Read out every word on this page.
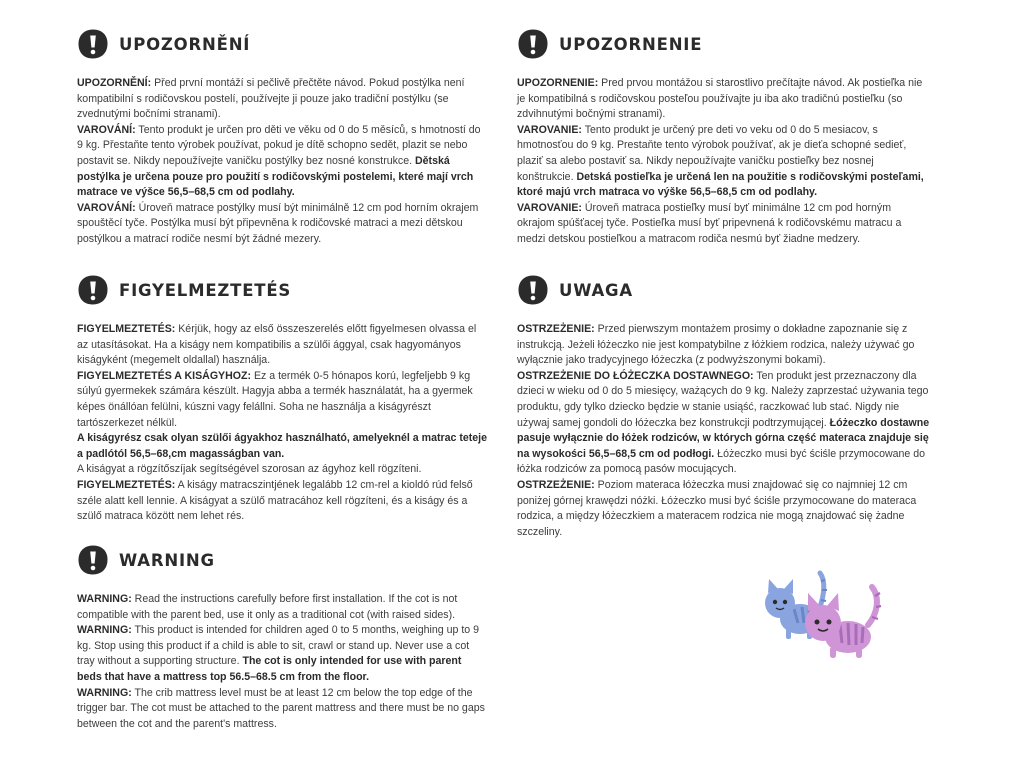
UPOZORNĚNÍ

UPOZORNĚNÍ: Před první montáží si pečlivě přečtěte návod. Pokud postýlka není kompatibilní s rodičovskou postelí, používejte ji pouze jako tradiční postýlku (se zvednutými bočními stranami).

VAROVÁNÍ: Tento produkt je určen pro děti ve věku od 0 do 5 měsíců, s hmotností do 9 kg. Přestaňte tento výrobek používat, pokud je dítě schopno sedět, plazit se nebo postavit se. Nikdy nepoužívejte vaničku postýlky bez nosné konstrukce. Dětská postýlka je určena pouze pro použití s rodičovskými postelemi, které mají vrch matrace ve výšce 56,5–68,5 cm od podlahy.

VAROVÁNÍ: Úroveň matrace postýlky musí být minimálně 12 cm pod horním okrajem spouštěcí tyče. Postýlka musí být připevněna k rodičovské matraci a mezi dětskou postýlkou a matrací rodiče nesmí být žádné mezery.

UPOZORNENIE

UPOZORNENIE: Pred prvou montážou si starostlivo prečítajte návod. Ak postieľka nie je kompatibilná s rodičovskou posteľou používajte ju iba ako tradičnú postieľku (so zdvihnutými bočnými stranami).

VAROVANIE: Tento produkt je určený pre deti vo veku od 0 do 5 mesiacov, s hmotnosťou do 9 kg. Prestaňte tento výrobok používať, ak je dieťa schopné sedieť, plaziť sa alebo postaviť sa. Nikdy nepoužívajte vaničku postieľky bez nosnej konštrukcie. Detská postieľka je určená len na použitie s rodičovskými posteľami, ktoré majú vrch matraca vo výške 56,5–68,5 cm od podlahy.

VAROVANIE: Úroveň matraca postieľky musí byť minimálne 12 cm pod horným okrajom spúšťacej tyče. Postieľka musí byť pripevnená k rodičovskému matracu a medzi detskou postieľkou a matracom rodiča nesmú byť žiadne medzery.

FIGYELMEZTETÉS

FIGYELMEZTETÉS: Kérjük, hogy az első összeszerelés előtt figyelmesen olvassa el az utasításokat. Ha a kiságy nem kompatibilis a szülői ággyal, csak hagyományos kiságyként (megemelt oldallal) használja.

FIGYELMEZTETÉS A KISÁGYHOZ: Ez a termék 0-5 hónapos korú, legfeljebb 9 kg súlyú gyermekek számára készült. Hagyja abba a termék használatát, ha a gyermek képes önállóan felülni, kúszni vagy felállni. Soha ne használja a kiságyrészt tartószerkezet nélkül.

A kiságyrész csak olyan szülői ágyakhoz használható, amelyeknél a matrac teteje a padlótól 56,5–68,cm magasságban van.

A kiságyat a rögzítőszíjak segítségével szorosan az ágyhoz kell rögzíteni.

FIGYELMEZTETÉS: A kiságy matracszintjének legalább 12 cm-rel a kioldó rúd felső széle alatt kell lennie. A kiságyat a szülő matracához kell rögzíteni, és a kiságy és a szülő matraca között nem lehet rés.

UWAGA

OSTRZEŻENIE: Przed pierwszym montażem prosimy o dokładne zapoznanie się z instrukcją. Jeżeli łóżeczko nie jest kompatybilne z łóżkiem rodzica, należy używać go wyłącznie jako tradycyjnego łóżeczka (z podwyższonymi bokami).

OSTRZEŻENIE DO ŁÓŻECZKA DOSTAWNEGO: Ten produkt jest przeznaczony dla dzieci w wieku od 0 do 5 miesięcy, ważących do 9 kg. Należy zaprzestać używania tego produktu, gdy tylko dziecko będzie w stanie usiąść, raczkować lub stać. Nigdy nie używaj samej gondoli do łóżeczka bez konstrukcji podtrzymującej. Łóżeczko dostawne pasuje wyłącznie do łóżek rodziców, w których górna część materaca znajduje się na wysokości 56,5–68,5 cm od podłogi. Łóżeczko musi być ściśle przymocowane do łóżka rodziców za pomocą pasów mocujących.

OSTRZEŻENIE: Poziom materaca łóżeczka musi znajdować się co najmniej 12 cm poniżej górnej krawędzi nóżki. Łóżeczko musi być ściśle przymocowane do materaca rodzica, a między łóżeczkiem a materacem rodzica nie mogą znajdować się żadne szczeliny.

WARNING

WARNING: Read the instructions carefully before first installation. If the cot is not compatible with the parent bed, use it only as a traditional cot (with raised sides).

WARNING: This product is intended for children aged 0 to 5 months, weighing up to 9 kg. Stop using this product if a child is able to sit, crawl or stand up. Never use a cot tray without a supporting structure. The cot is only intended for use with parent beds that have a mattress top 56.5–68.5 cm from the floor.

WARNING: The crib mattress level must be at least 12 cm below the top edge of the trigger bar. The cot must be attached to the parent mattress and there must be no gaps between the cot and the parent's mattress.
